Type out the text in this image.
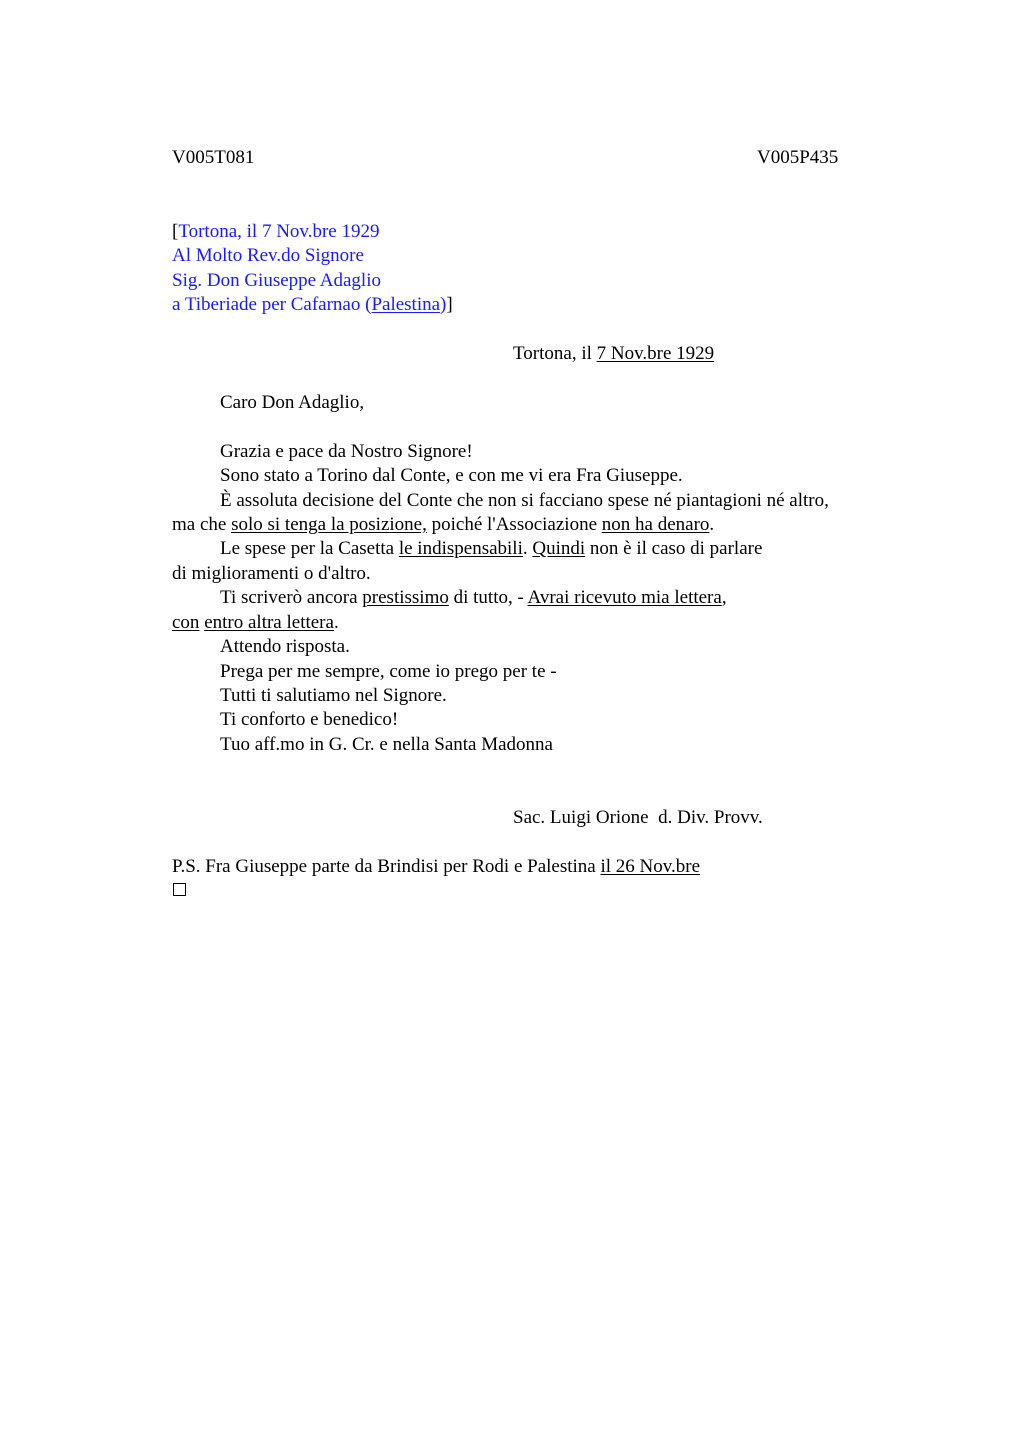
V005T081	V005P435
[Tortona, il 7 Nov.bre 1929
Al Molto Rev.do Signore
Sig. Don Giuseppe Adaglio
a Tiberiade per Cafarnao (Palestina)]
Tortona, il 7 Nov.bre 1929
Caro Don Adaglio,
Grazia e pace da Nostro Signore!
Sono stato a Torino dal Conte, e con me vi era Fra Giuseppe.
È assoluta decisione del Conte che non si facciano spese né piantagioni né altro,
ma che solo si tenga la posizione, poiché l'Associazione non ha denaro.
Le spese per la Casetta le indispensabili. Quindi non è il caso di parlare
di miglioramenti o d'altro.
Ti scriverò ancora prestissimo di tutto, - Avrai ricevuto mia lettera,
con entro altra lettera.
Attendo risposta.
Prega per me sempre, come io prego per te -
Tutti ti salutiamo nel Signore.
Ti conforto e benedico!
Tuo aff.mo in G. Cr. e nella Santa Madonna
Sac. Luigi Orione  d. Div. Provv.
P.S. Fra Giuseppe parte da Brindisi per Rodi e Palestina il 26 Nov.bre
